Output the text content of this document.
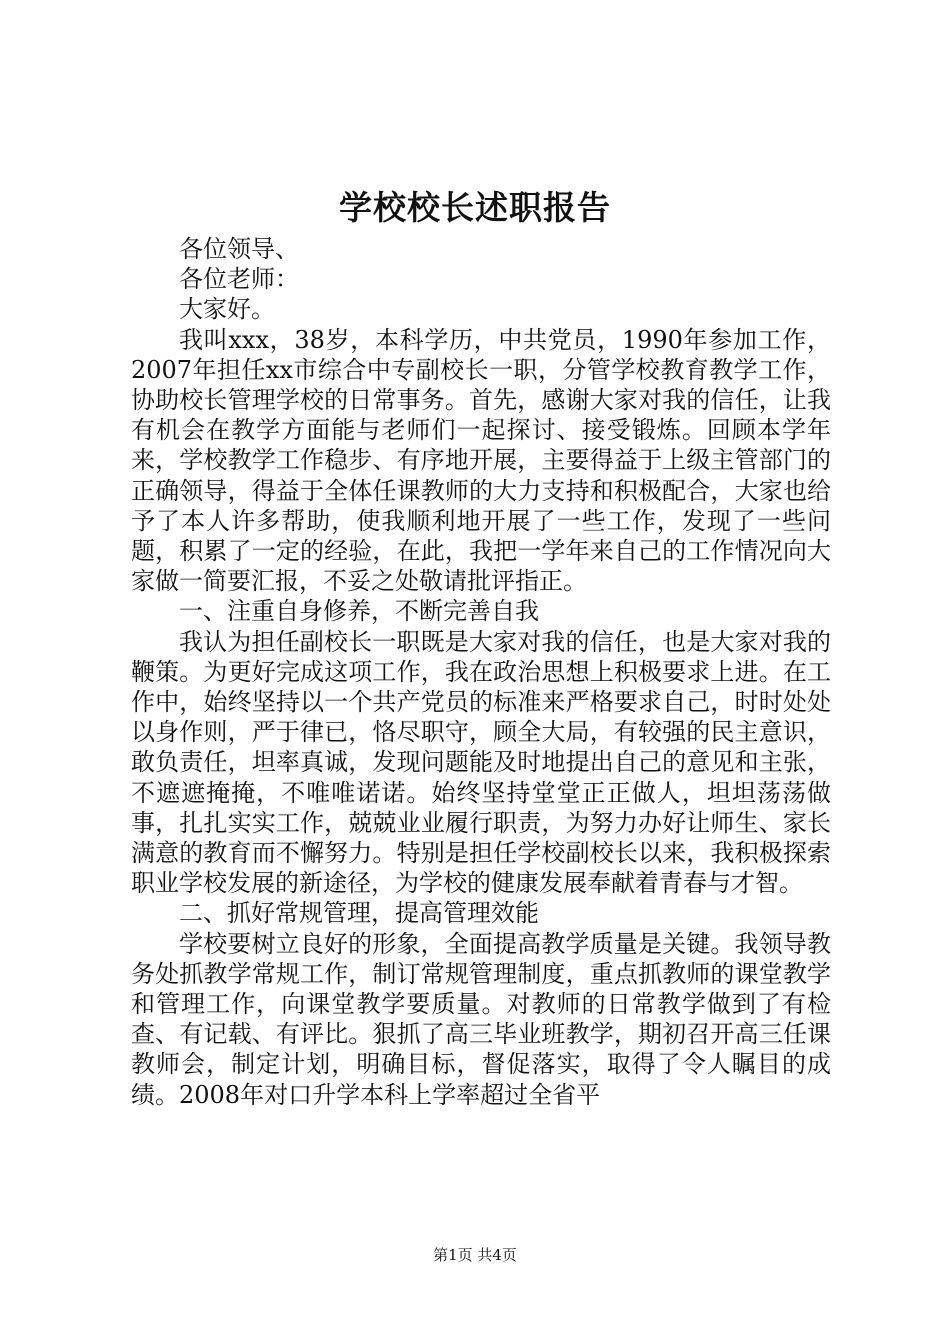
学校校长述职报告

各位领导、

各位老师：

大家好。

我叫xxx，38岁，本科学历，中共党员，1990年参加工作，2007年担任xx市综合中专副校长一职，分管学校教育教学工作，协助校长管理学校的日常事务。首先，感谢大家对我的信任，让我有机会在教学方面能与老师们一起探讨、接受锻炼。回顾本学年来，学校教学工作稳步、有序地开展，主要得益于上级主管部门的正确领导，得益于全体任课教师的大力支持和积极配合，大家也给予了本人许多帮助，使我顺利地开展了一些工作，发现了一些问题，积累了一定的经验，在此，我把一学年来自己的工作情况向大家做一简要汇报，不妥之处敬请批评指正。

一、注重自身修养，不断完善自我

我认为担任副校长一职既是大家对我的信任，也是大家对我的鞭策。为更好完成这项工作，我在政治思想上积极要求上进。在工作中，始终坚持以一个共产党员的标准来严格要求自己，时时处处以身作则，严于律已，恪尽职守，顾全大局，有较强的民主意识，敢负责任，坦率真诚，发现问题能及时地提出自己的意见和主张，不遮遮掩掩，不唯唯诺诺。始终坚持堂堂正正做人，坦坦荡荡做事，扎扎实实工作，兢兢业业履行职责，为努力办好让师生、家长满意的教育而不懈努力。特别是担任学校副校长以来，我积极探索职业学校发展的新途径，为学校的健康发展奉献着青春与才智。

二、抓好常规管理，提高管理效能

学校要树立良好的形象，全面提高教学质量是关键。我领导教务处抓教学常规工作，制订常规管理制度，重点抓教师的课堂教学和管理工作，向课堂教学要质量。对教师的日常教学做到了有检查、有记载、有评比。狠抓了高三毕业班教学，期初召开高三任课教师会，制定计划，明确目标，督促落实，取得了令人瞩目的成绩。2008年对口升学本科上学率超过全省平

第1页 共4页
